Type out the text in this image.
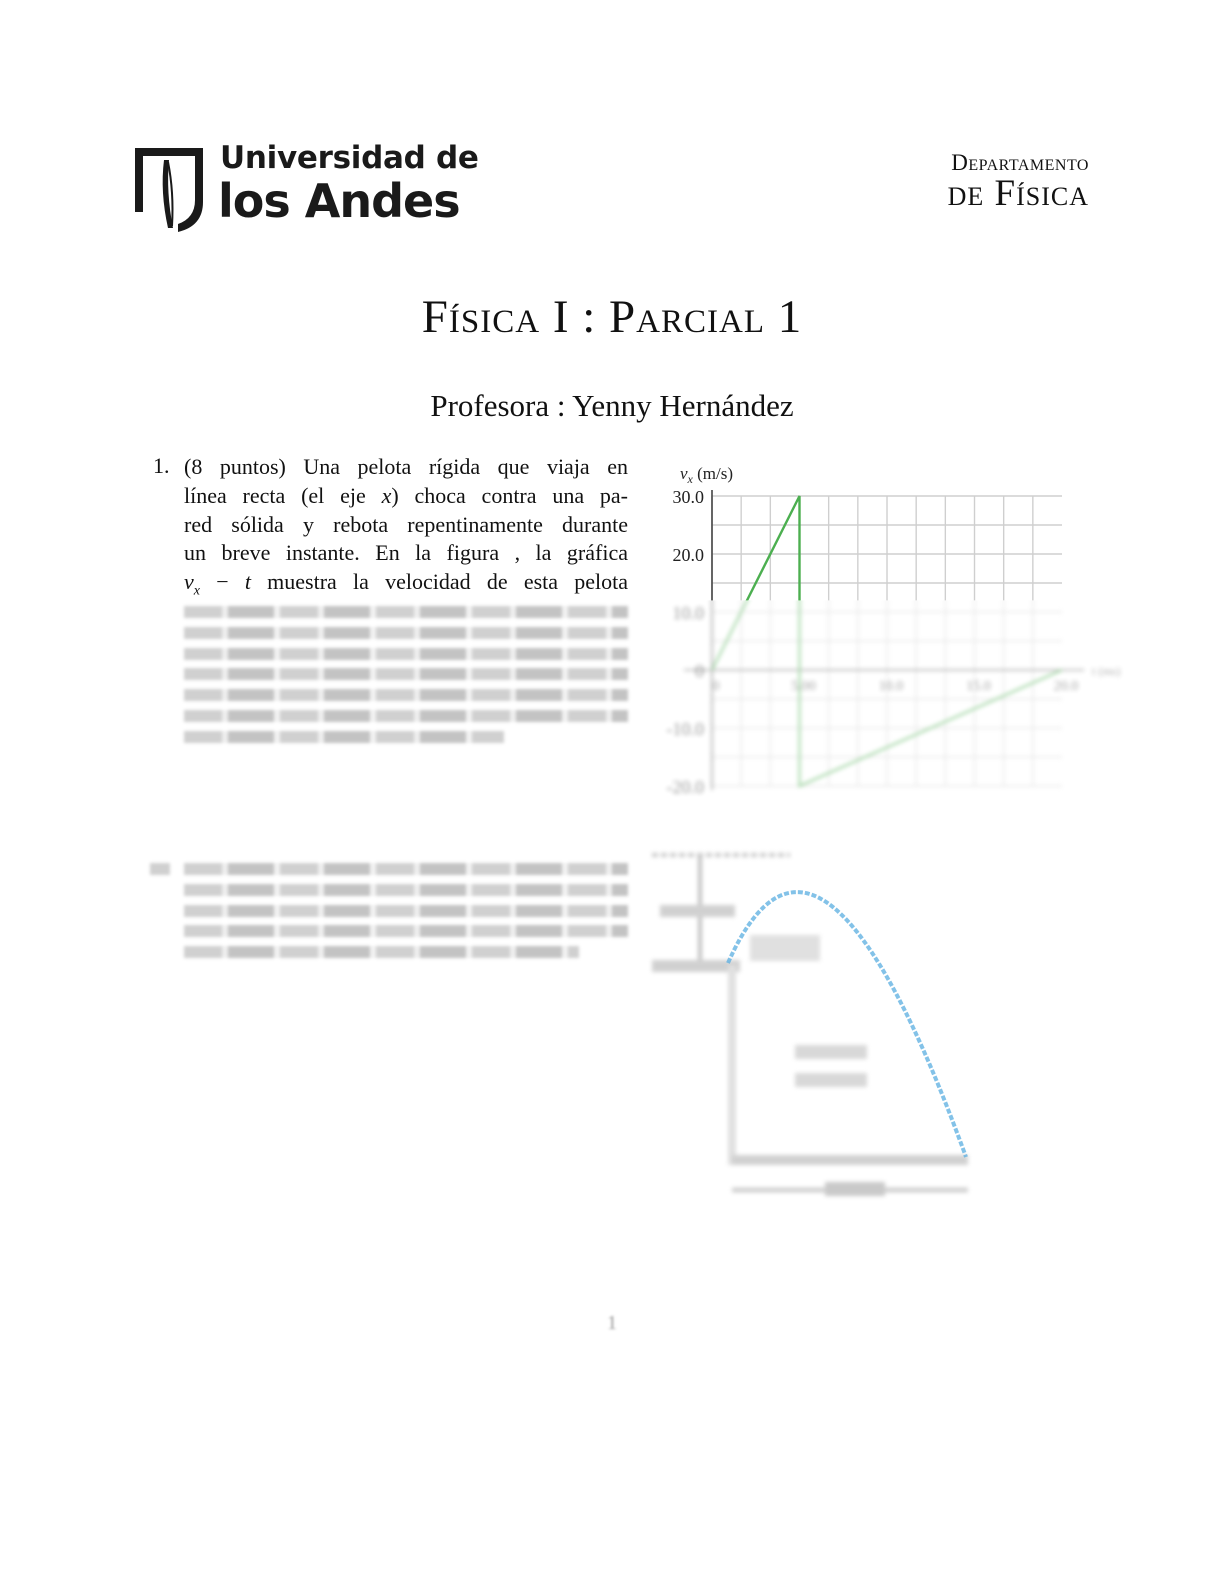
Universidad de
los Andes
Departamento
de Física
Física I : Parcial 1
Profesora : Yenny Hernández
1. (8 puntos) Una pelota rígida que viaja en
línea recta (el eje x) choca contra una pa-
red sólida y rebota repentinamente durante
un breve instante. En la figura , la gráfica
$v_x - t$ muestra la velocidad de esta pelota
30.0
20.0
10.0
0
-10.0
-20.0
0	5.00	10.0	15.0	20.0
$v_x$ (m/s)
t (ms)
1
